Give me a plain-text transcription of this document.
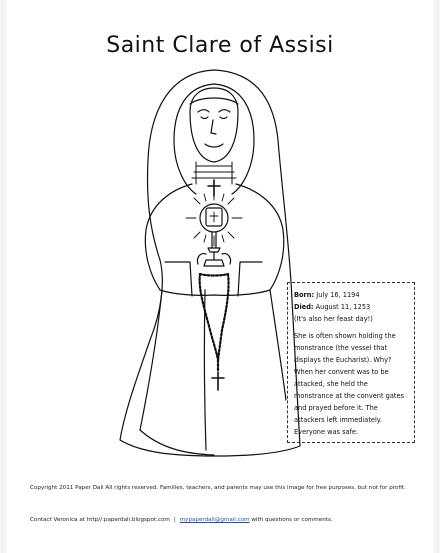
Saint Clare of Assisi

Born: July 16, 1194

Died: August 11, 1253

(It's also her feast day!)

She is often shown holding the monstrance (the vessel that displays the Eucharist). Why? When her convent was to be attacked, she held the monstrance at the convent gates and prayed before it. The attackers left immediately. Everyone was safe.

Copyright 2011 Paper Dali All rights reserved. Families, teachers, and parents may use this image for free purposes, but not for profit.
Contact Veronica at http//:paperdali.blogspot.com | mypaperdali@gmail.com with questions or comments.
